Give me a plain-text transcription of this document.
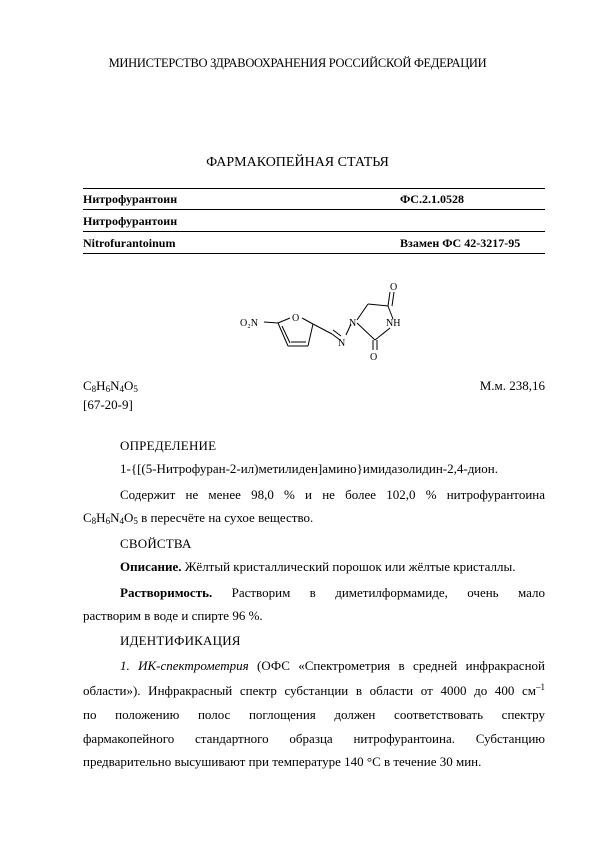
МИНИСТЕРСТВО ЗДРАВООХРАНЕНИЯ РОССИЙСКОЙ ФЕДЕРАЦИИ
ФАРМАКОПЕЙНАЯ СТАТЬЯ
Нитрофурантоин	ФС.2.1.0528
Нитрофурантоин
Nitrofurantoinum	Взамен ФС 42-3217-95
O
NH
O
N
N
O
O₂N
$C_8H_6N_4O_5$	М.м. 238,16
[67-20-9]
ОПРЕДЕЛЕНИЕ
1-{[(5-Нитрофуран-2-ил)метилиден]амино}имидазолидин-2,4-дион.
Содержит не менее 98,0 % и не более 102,0 % нитрофурантоина
$C_8H_6N_4O_5$ в пересчёте на сухое вещество.
СВОЙСТВА
Описание. Жёлтый кристаллический порошок или жёлтые кристаллы.
Растворимость. Растворим в диметилформамиде, очень мало
растворим в воде и спирте 96 %.
ИДЕНТИФИКАЦИЯ
1. ИК-спектрометрия (ОФС «Спектрометрия в средней инфракрасной
области»). Инфракрасный спектр субстанции в области от 4000 до 400 $см^{-1}$
по положению полос поглощения должен соответствовать спектру
фармакопейного стандартного образца нитрофурантоина. Субстанцию
предварительно высушивают при температуре 140 °С в течение 30 мин.
